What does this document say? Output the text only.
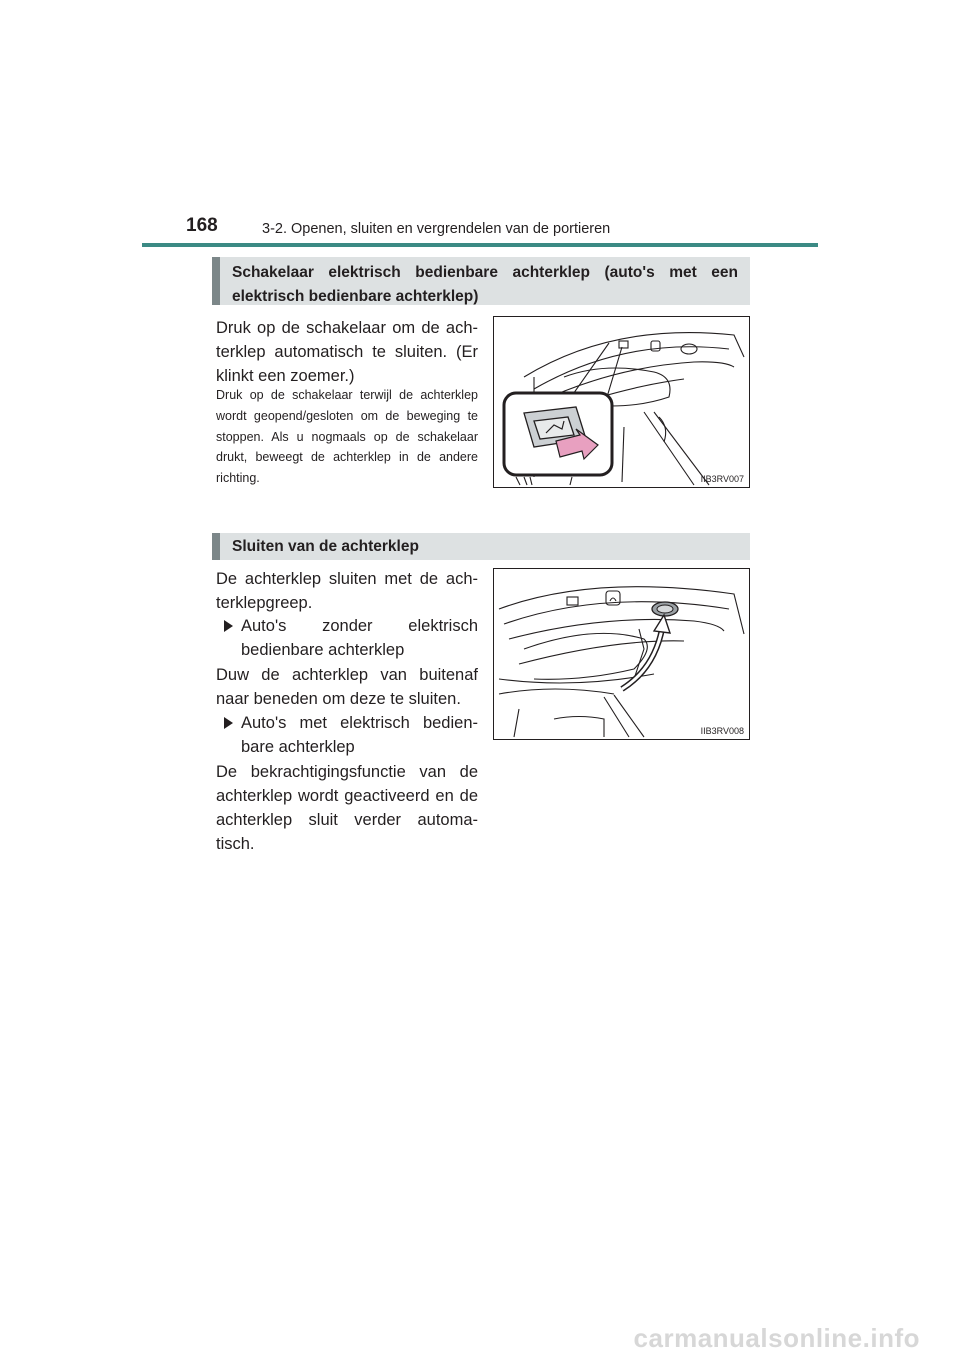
168	3-2. Openen, sluiten en vergrendelen van de portieren
Schakelaar elektrisch bedienbare achterklep (auto's met een elektrisch bedienbare achterklep)
Druk op de schakelaar om de ach-terklep automatisch te sluiten. (Er klinkt een zoemer.)
Druk op de schakelaar terwijl de achterklep wordt geopend/gesloten om de beweging te stoppen. Als u nogmaals op de schakelaar drukt, beweegt de achterklep in de andere richting.	IIB3RV007
Sluiten van de achterklep
De achterklep sluiten met de ach-terklepgreep.
Auto's zonder elektrisch bedienbare achterklep
Duw de achterklep van buitenaf naar beneden om deze te sluiten.
Auto's met elektrisch bedien-bare achterklep
De bekrachtigingsfunctie van de achterklep wordt geactiveerd en de achterklep sluit verder automa-tisch.
IIB3RV008
carmanualsonline.info
